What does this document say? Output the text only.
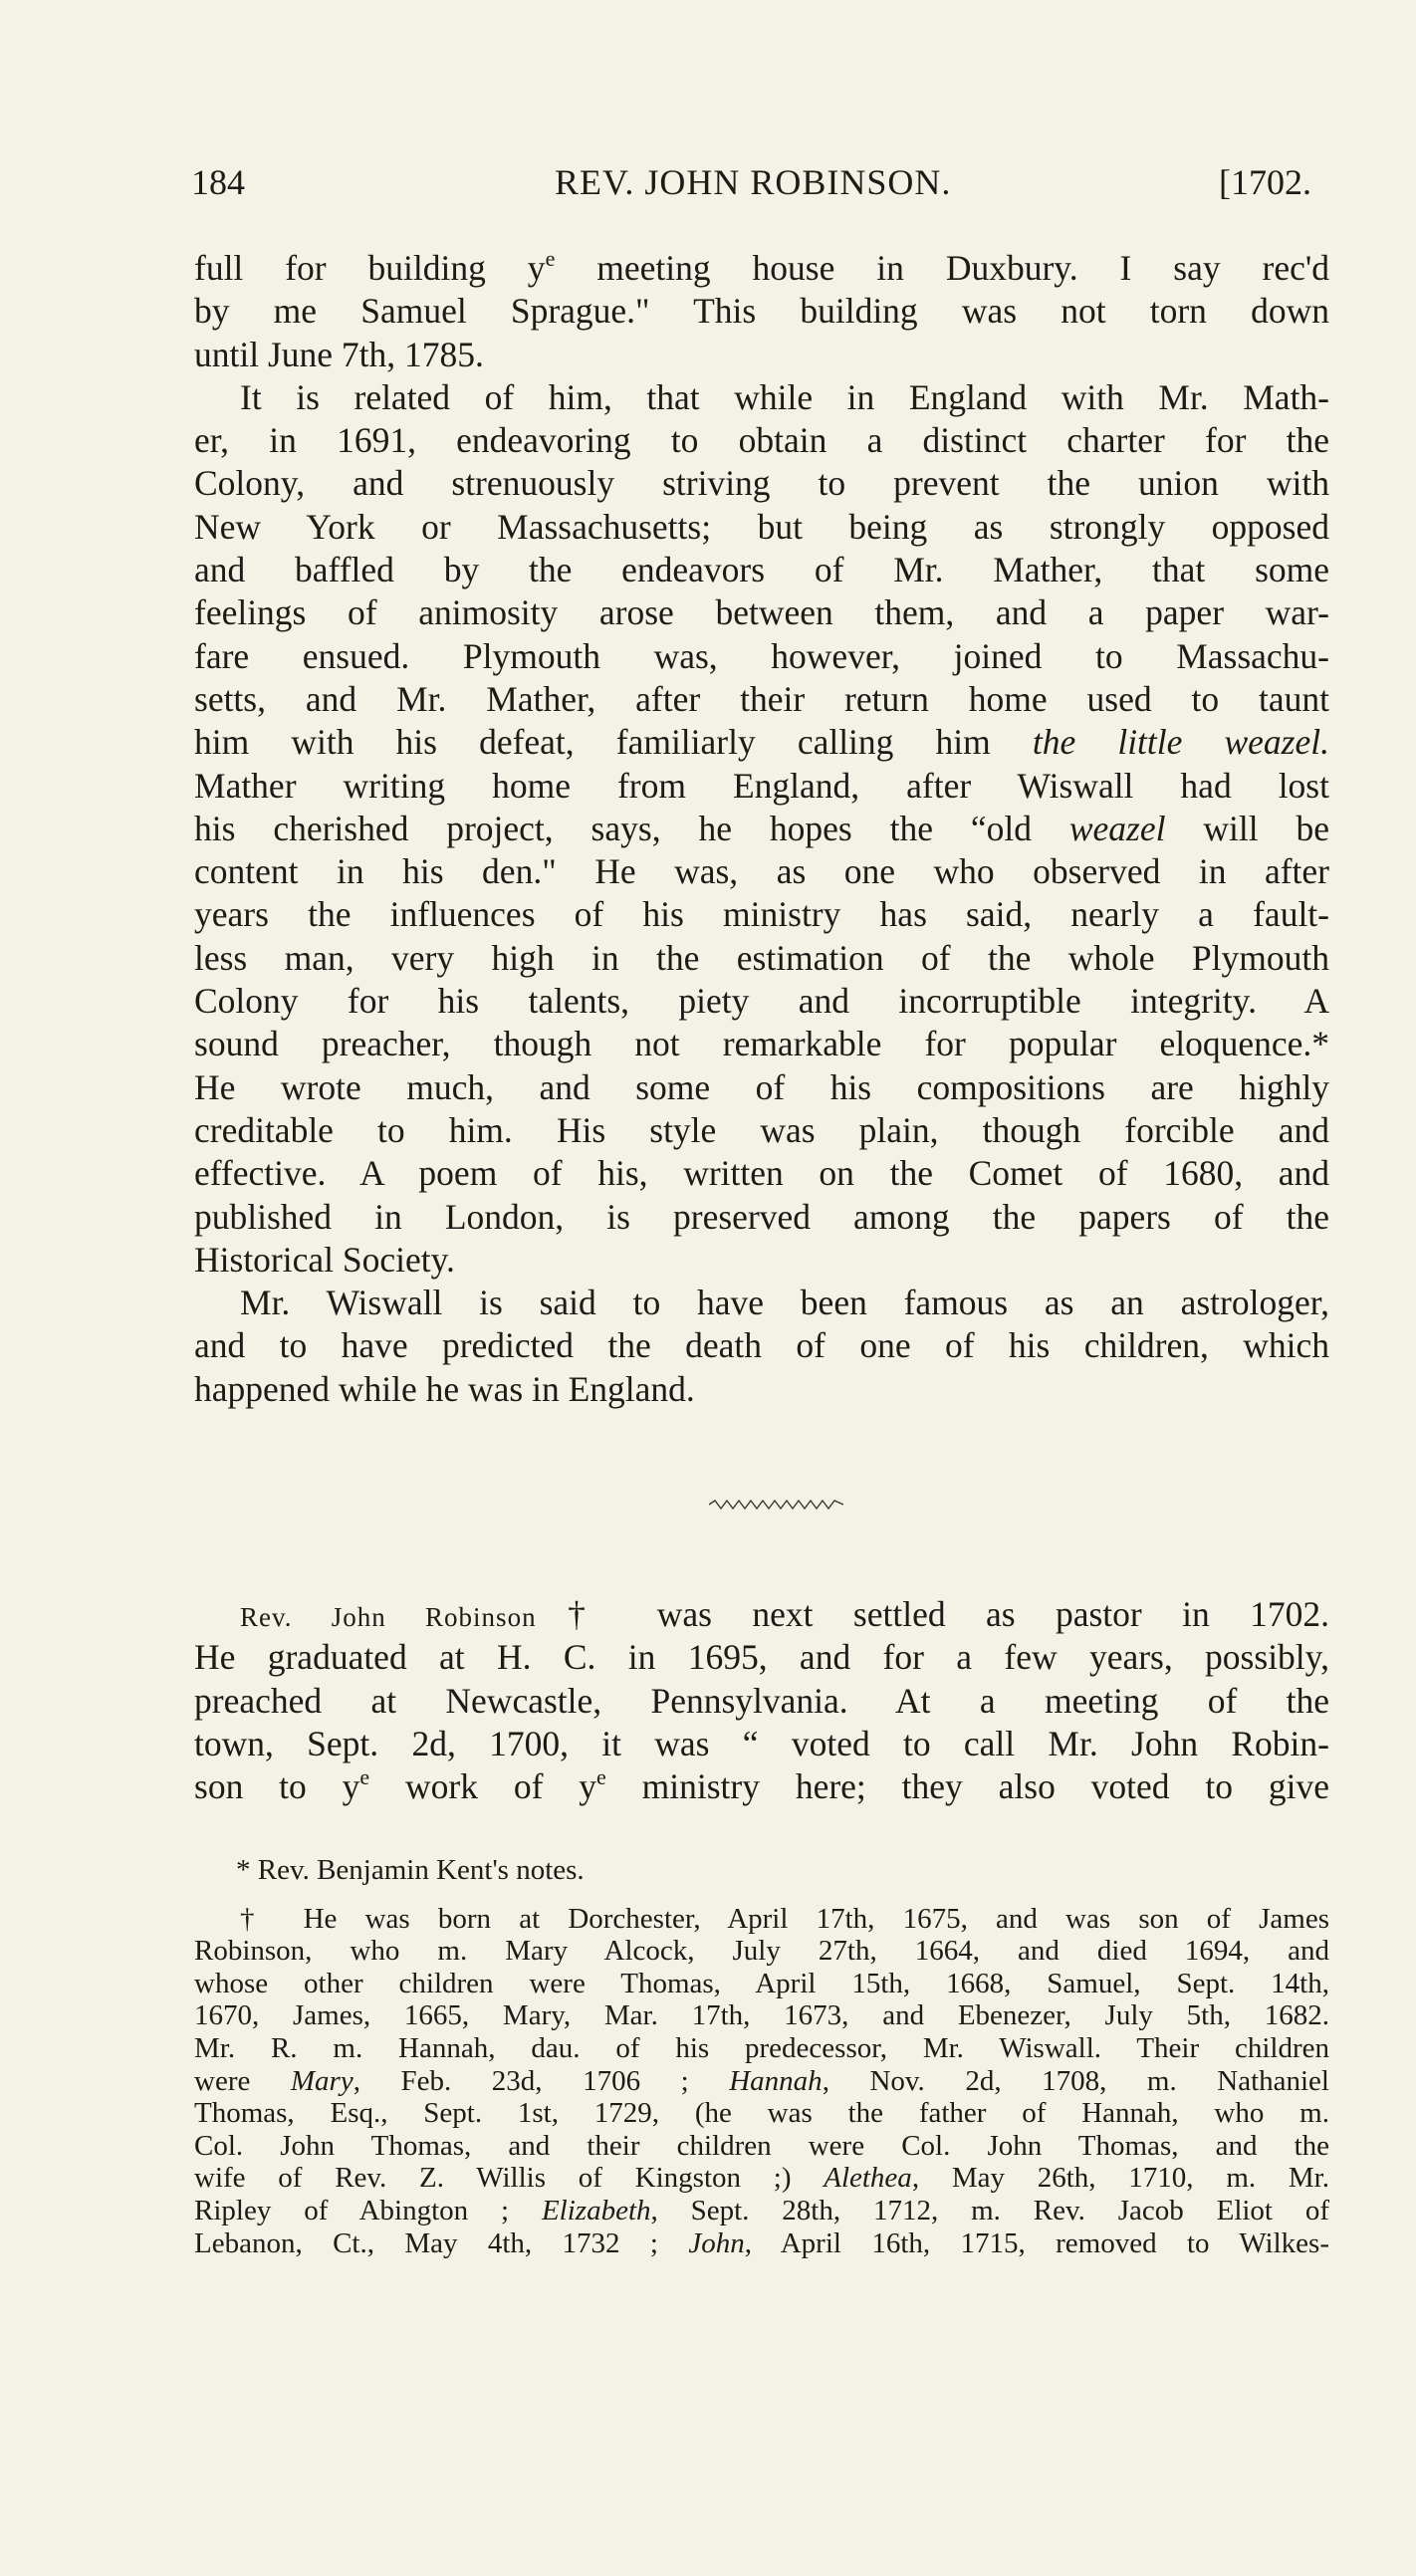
184	REV. JOHN ROBINSON.	[1702.
full for building $y^e$ meeting house in Duxbury. I say rec'd
by me Samuel Sprague." This building was not torn down
until June 7th, 1785.
It is related of him, that while in England with Mr. Math-
er, in 1691, endeavoring to obtain a distinct charter for the
Colony, and strenuously striving to prevent the union with
New York or Massachusetts; but being as strongly opposed
and baffled by the endeavors of Mr. Mather, that some
feelings of animosity arose between them, and a paper war-
fare ensued. Plymouth was, however, joined to Massachu-
setts, and Mr. Mather, after their return home used to taunt
him with his defeat, familiarly calling him the little weazel.
Mather writing home from England, after Wiswall had lost
his cherished project, says, he hopes the “old weazel will be
content in his den." He was, as one who observed in after
years the influences of his ministry has said, nearly a fault-
less man, very high in the estimation of the whole Plymouth
Colony for his talents, piety and incorruptible integrity. A
sound preacher, though not remarkable for popular eloquence.*
He wrote much, and some of his compositions are highly
creditable to him. His style was plain, though forcible and
effective. A poem of his, written on the Comet of 1680, and
published in London, is preserved among the papers of the
Historical Society.
Mr. Wiswall is said to have been famous as an astrologer,
and to have predicted the death of one of his children, which
happened while he was in England.
Rev. John Robinson† was next settled as pastor in 1702.
He graduated at H. C. in 1695, and for a few years, possibly,
preached at Newcastle, Pennsylvania. At a meeting of the
town, Sept. 2d, 1700, it was “ voted to call Mr. John Robin-
son to $y^e$ work of $y^e$ ministry here; they also voted to give
* Rev. Benjamin Kent's notes.
† He was born at Dorchester, April 17th, 1675, and was son of James
Robinson, who m. Mary Alcock, July 27th, 1664, and died 1694, and
whose other children were Thomas, April 15th, 1668, Samuel, Sept. 14th,
1670, James, 1665, Mary, Mar. 17th, 1673, and Ebenezer, July 5th, 1682.
Mr. R. m. Hannah, dau. of his predecessor, Mr. Wiswall. Their children
were Mary, Feb. 23d, 1706 ; Hannah, Nov. 2d, 1708, m. Nathaniel
Thomas, Esq., Sept. 1st, 1729, (he was the father of Hannah, who m.
Col. John Thomas, and their children were Col. John Thomas, and the
wife of Rev. Z. Willis of Kingston ;) Alethea, May 26th, 1710, m. Mr.
Ripley of Abington ; Elizabeth, Sept. 28th, 1712, m. Rev. Jacob Eliot of
Lebanon, Ct., May 4th, 1732 ; John, April 16th, 1715, removed to Wilkes-
